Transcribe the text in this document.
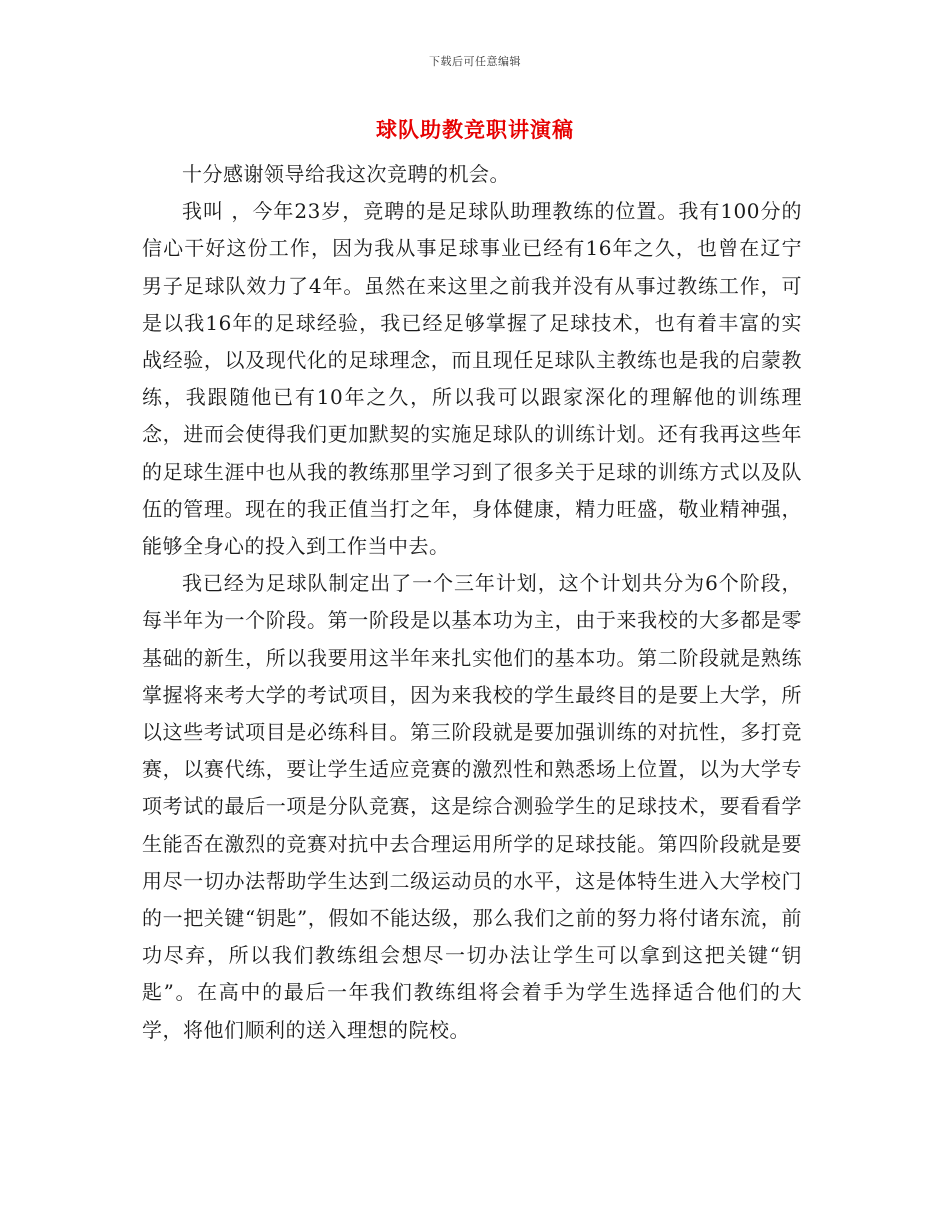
下载后可任意编辑
球队助教竞职讲演稿

十分感谢领导给我这次竞聘的机会。

我叫 ，今年23岁，竞聘的是足球队助理教练的位置。我有100分的信心干好这份工作，因为我从事足球事业已经有16年之久，也曾在辽宁男子足球队效力了4年。虽然在来这里之前我并没有从事过教练工作，可是以我16年的足球经验，我已经足够掌握了足球技术，也有着丰富的实战经验，以及现代化的足球理念，而且现任足球队主教练也是我的启蒙教练，我跟随他已有10年之久，所以我可以跟家深化的理解他的训练理念，进而会使得我们更加默契的实施足球队的训练计划。还有我再这些年的足球生涯中也从我的教练那里学习到了很多关于足球的训练方式以及队伍的管理。现在的我正值当打之年，身体健康，精力旺盛，敬业精神强，能够全身心的投入到工作当中去。

我已经为足球队制定出了一个三年计划，这个计划共分为6个阶段，每半年为一个阶段。第一阶段是以基本功为主，由于来我校的大多都是零基础的新生，所以我要用这半年来扎实他们的基本功。第二阶段就是熟练掌握将来考大学的考试项目，因为来我校的学生最终目的是要上大学，所以这些考试项目是必练科目。第三阶段就是要加强训练的对抗性，多打竞赛，以赛代练，要让学生适应竞赛的激烈性和熟悉场上位置，以为大学专项考试的最后一项是分队竞赛，这是综合测验学生的足球技术，要看看学生能否在激烈的竞赛对抗中去合理运用所学的足球技能。第四阶段就是要用尽一切办法帮助学生达到二级运动员的水平，这是体特生进入大学校门的一把关键“钥匙”，假如不能达级，那么我们之前的努力将付诸东流，前功尽弃，所以我们教练组会想尽一切办法让学生可以拿到这把关键“钥匙”。在高中的最后一年我们教练组将会着手为学生选择适合他们的大学，将他们顺利的送入理想的院校。
